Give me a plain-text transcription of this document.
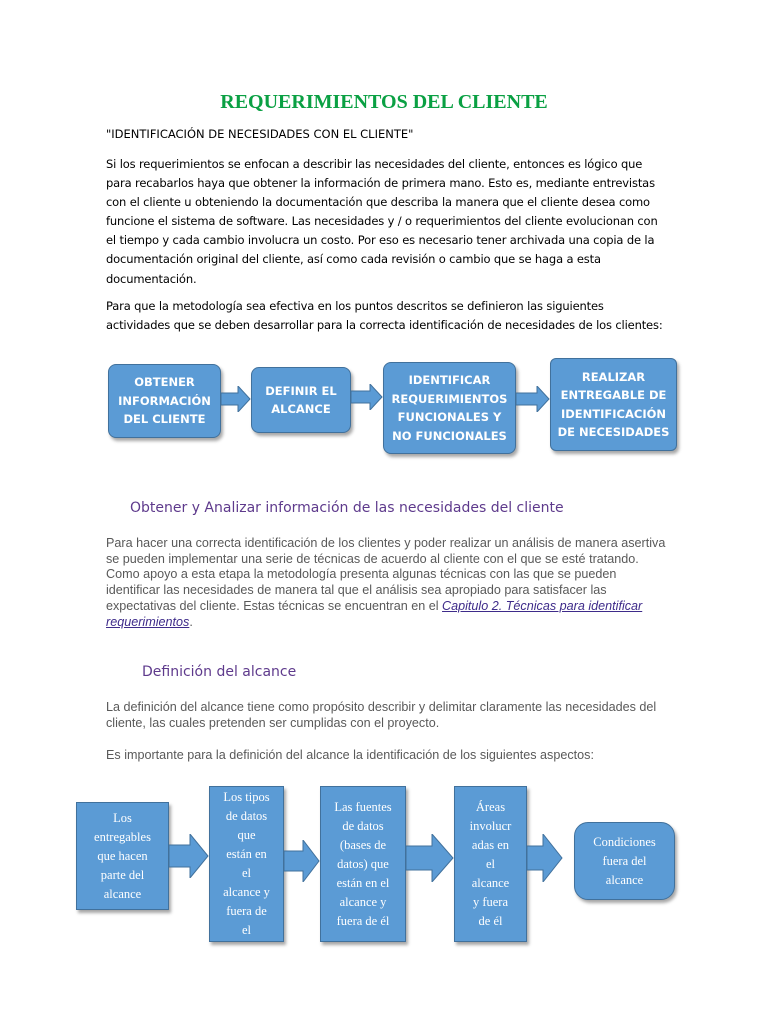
REQUERIMIENTOS DEL CLIENTE
"IDENTIFICACIÓN DE NECESIDADES CON EL CLIENTE"

Si los requerimientos se enfocan a describir las necesidades del cliente, entonces es lógico que para recabarlos haya que obtener la información de primera mano. Esto es, mediante entrevistas con el cliente u obteniendo la documentación que describa la manera que el cliente desea como funcione el sistema de software. Las necesidades y / o requerimientos del cliente evolucionan con el tiempo y cada cambio involucra un costo. Por eso es necesario tener archivada una copia de la documentación original del cliente, así como cada revisión o cambio que se haga a esta documentación.

Para que la metodología sea efectiva en los puntos descritos se definieron las siguientes actividades que se deben desarrollar para la correcta identificación de necesidades de los clientes:

OBTENER
INFORMACIÓN
DEL CLIENTE
DEFINIR EL
ALCANCE
IDENTIFICAR
REQUERIMIENTOS
FUNCIONALES Y
NO FUNCIONALES
REALIZAR
ENTREGABLE DE
IDENTIFICACIÓN
DE NECESIDADES
Obtener y Analizar información de las necesidades del cliente

Para hacer una correcta identificación de los clientes y poder realizar un análisis de manera asertiva se pueden implementar una serie de técnicas de acuerdo al cliente con el que se esté tratando. Como apoyo a esta etapa la metodología presenta algunas técnicas con las que se pueden identificar las necesidades de manera tal que el análisis sea apropiado para satisfacer las expectativas del cliente. Estas técnicas se encuentran en el Capitulo 2. Técnicas para identificar requerimientos.

Definición del alcance

La definición del alcance tiene como propósito describir y delimitar claramente las necesidades del cliente, las cuales pretenden ser cumplidas con el proyecto.

Es importante para la definición del alcance la identificación de los siguientes aspectos:

Los
entregables
que hacen
parte del
alcance
Los tipos
de datos
que
están en
el
alcance y
fuera de
el
Las fuentes
de datos
(bases de
datos) que
están en el
alcance y
fuera de él
Áreas
involucr
adas en
el
alcance
y fuera
de él
Condiciones
fuera del
alcance
